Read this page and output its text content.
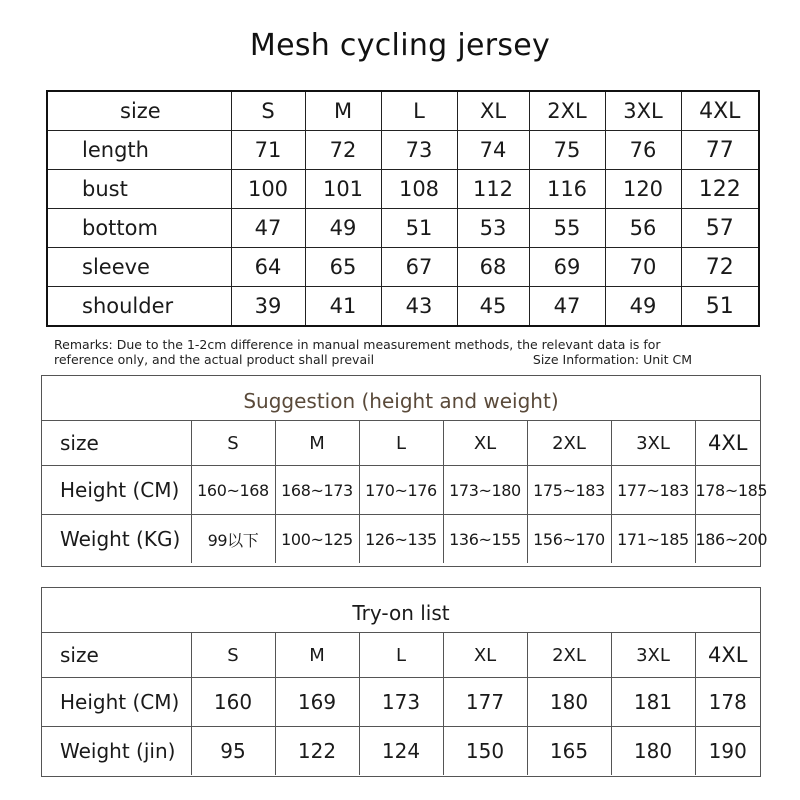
Mesh cycling jersey
size	S	M	L	XL	2XL	3XL	4XL
length	71	72	73	74	75	76	77
bust	100	101	108	112	116	120	122
bottom	47	49	51	53	55	56	57
sleeve	64	65	67	68	69	70	72
shoulder	39	41	43	45	47	49	51
Remarks: Due to the 1-2cm difference in manual measurement methods, the relevant data is for
reference only, and the actual product shall prevail	Size Information: Unit CM
Suggestion (height and weight)
size	S	M	L	XL	2XL	3XL	4XL
Height (CM)	160~168	168~173	170~176	173~180	175~183	177~183	178~185
Weight (KG)	99以下	100~125	126~135	136~155	156~170	171~185	186~200
Try-on list
size	S	M	L	XL	2XL	3XL	4XL
Height (CM)	160	169	173	177	180	181	178
Weight (jin)	95	122	124	150	165	180	190
